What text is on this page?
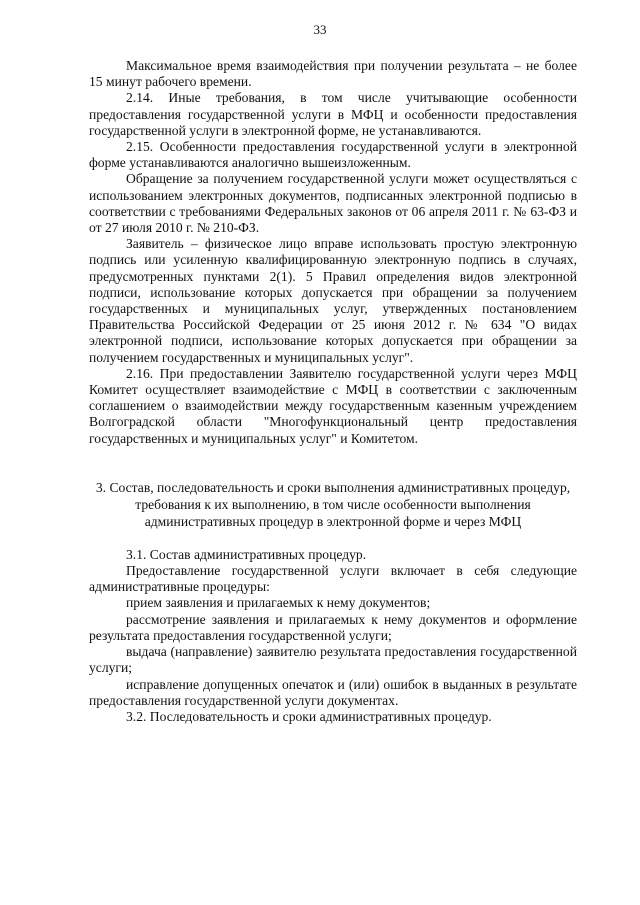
33

Максимальное время взаимодействия при получении результата – не более 15 минут рабочего времени.

2.14. Иные требования, в том числе учитывающие особенности предоставления государственной услуги в МФЦ и особенности предоставления государственной услуги в электронной форме, не устанавливаются.

2.15. Особенности предоставления государственной услуги в электронной форме устанавливаются аналогично вышеизложенным.

Обращение за получением государственной услуги может осуществляться с использованием электронных документов, подписанных электронной подписью в соответствии с требованиями Федеральных законов от 06 апреля 2011 г. № 63-ФЗ и от 27 июля 2010 г. № 210-ФЗ.

Заявитель – физическое лицо вправе использовать простую электронную подпись или усиленную квалифицированную электронную подпись в случаях, предусмотренных пунктами 2(1). 5 Правил определения видов электронной подписи, использование которых допускается при обращении за получением государственных и муниципальных услуг, утвержденных постановлением Правительства Российской Федерации от 25 июня 2012 г. № 634 "О видах электронной подписи, использование которых допускается при обращении за получением государственных и муниципальных услуг".

2.16. При предоставлении Заявителю государственной услуги через МФЦ Комитет осуществляет взаимодействие с МФЦ в соответствии с заключенным соглашением о взаимодействии между государственным казенным учреждением Волгоградской области "Многофункциональный центр предоставления государственных и муниципальных услуг" и Комитетом.

3. Состав, последовательность и сроки выполнения административных процедур, требования к их выполнению, в том числе особенности выполнения административных процедур в электронной форме и через МФЦ

3.1. Состав административных процедур.

Предоставление государственной услуги включает в себя следующие административные процедуры:

прием заявления и прилагаемых к нему документов;

рассмотрение заявления и прилагаемых к нему документов и оформление результата предоставления государственной услуги;

выдача (направление) заявителю результата предоставления государственной услуги;

исправление допущенных опечаток и (или) ошибок в выданных в результате предоставления государственной услуги документах.

3.2. Последовательность и сроки административных процедур.
